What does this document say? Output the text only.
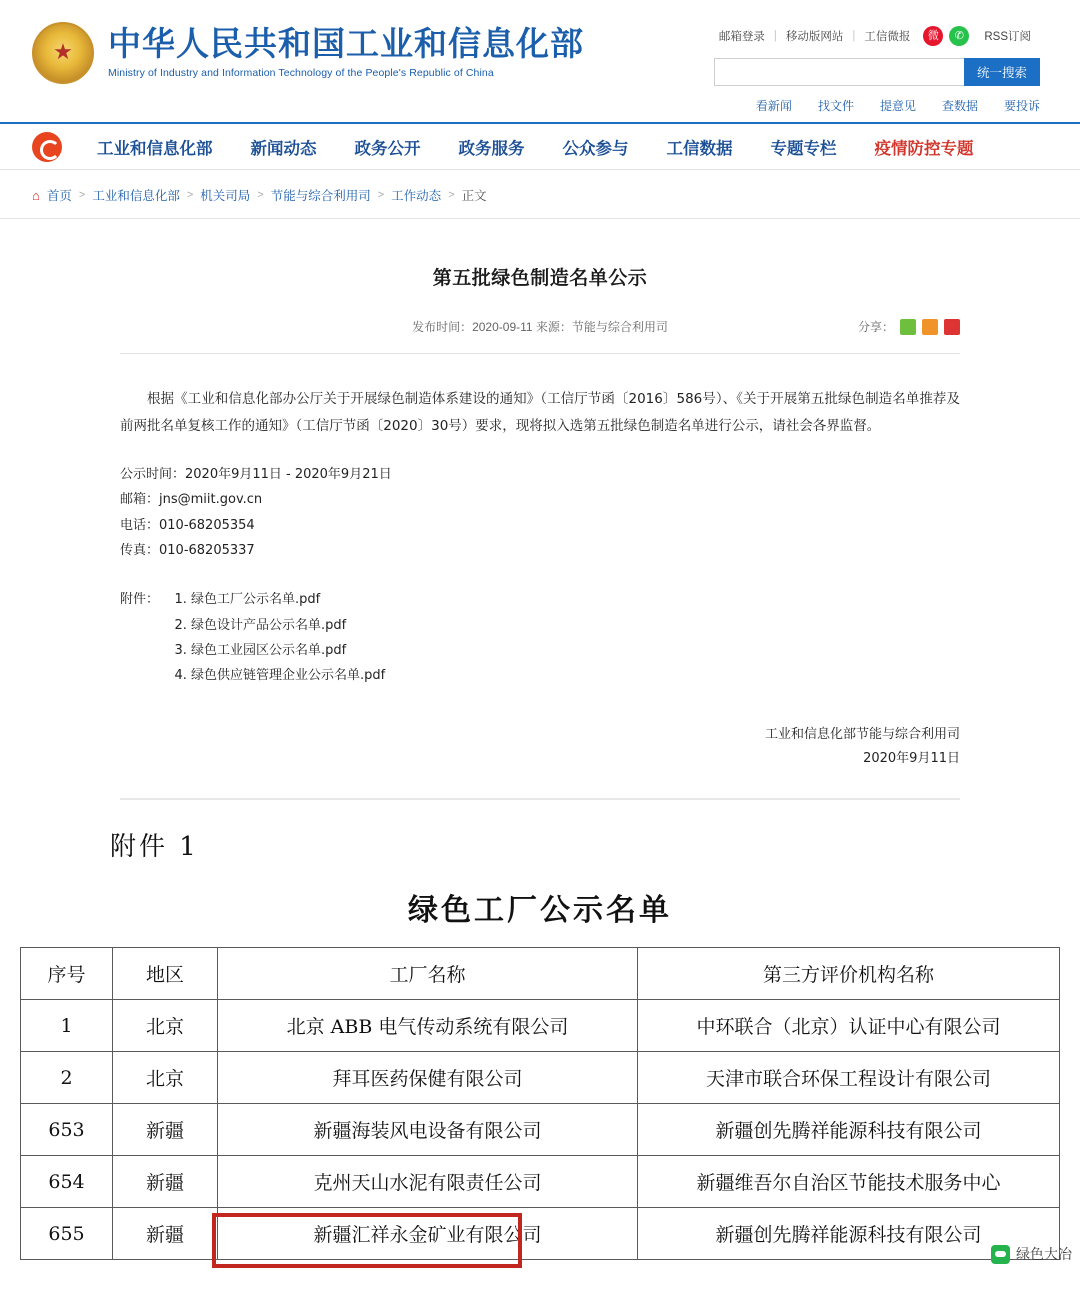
★
中华人民共和国工业和信息化部
Ministry of Industry and Information Technology of the People's Republic of China
邮箱登录 | 移动版网站 | 工信微报	微	✆	RSS订阅
统一搜索
看新闻 找文件 提意见 查数据 要投诉
工业和信息化部	新闻动态	政务公开	政务服务	公众参与	工信数据	专题专栏	疫情防控专题
⌂ 首页 > 工业和信息化部 > 机关司局 > 节能与综合利用司 > 工作动态 > 正文
第五批绿色制造名单公示
发布时间：2020-09-11 来源：节能与综合利用司	分享：

根据《工业和信息化部办公厅关于开展绿色制造体系建设的通知》（工信厅节函〔2016〕586号）、《关于开展第五批绿色制造名单推荐及前两批名单复核工作的通知》（工信厅节函〔2020〕30号）要求，现将拟入选第五批绿色制造名单进行公示，请社会各界监督。

公示时间：2020年9月11日 - 2020年9月21日
邮箱：jns@miit.gov.cn
电话：010-68205354
传真：010-68205337
附件： 1. 绿色工厂公示名单.pdf
2. 绿色设计产品公示名单.pdf
3. 绿色工业园区公示名单.pdf
4. 绿色供应链管理企业公示名单.pdf
工业和信息化部节能与综合利用司
2020年9月11日
附件 1
绿色工厂公示名单
序号	地区	工厂名称	第三方评价机构名称
1	北京	北京 ABB 电气传动系统有限公司	中环联合（北京）认证中心有限公司
2	北京	拜耳医药保健有限公司	天津市联合环保工程设计有限公司
653	新疆	新疆海装风电设备有限公司	新疆创先腾祥能源科技有限公司
654	新疆	克州天山水泥有限责任公司	新疆维吾尔自治区节能技术服务中心
655	新疆	新疆汇祥永金矿业有限公司	新疆创先腾祥能源科技有限公司
绿色大冶
